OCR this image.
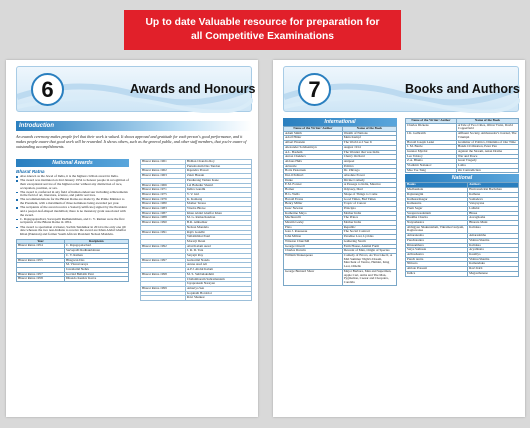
Up to date Valuable resource for preparation for
all Competitive Examinations
6	Awards and Honours
Introduction
An awards ceremony makes people feel that their work is valued. It shows approval and gratitude for each person's good performance, and it makes people aware that good work will be rewarded. It shows others, such as the general public, and other staff members, that you're aware of outstanding accomplishments.
National Awards
Bharat Ratna
Also known as the Jewel of India, it is the highest civilian award in India.
The award was instituted on 2nd January 1954 to honour people in recognition of their exceptional service of the highest order without any distinction of race, occupation, position, or sex.
The award is conferred in any field of human endeavour including achievements in the field of art, literature, science, and public services.
The recommendations for the Bharat Ratna are made by the Prime Minister to the President, with a maximum of three nominees being awarded per year.
The recipients of the award receive a Sanad (certificate) signed by the President and a peepal-leaf-shaped medallion; there is no monetary grant associated with the award.
C. Rajagopalachari, Sarvepalli Radhakrishnan, and C. V. Raman were the first recipients of the Bharat Ratna in 1954.
The award to sportsman cricketer, Sachin Tendulkar in 2014 is the only one till date whereas the two non-Indians to receive the award are Khan Abdul Ghaffar Khan (Pakistan) and former South African President Nelson Mandela.
Year	Recipients
Bharat Ratna 1954	C. Rajagopalachari
	Sarvepalli Radhakrishnan
	C. V. Raman
Bharat Ratna 1955	Bhagwan Das
	M. Visvesvaraya
	Jawaharlal Nehru
Bharat Ratna 1957	Govind Ballabh Pant
Bharat Ratna 1958	Dhondo Keshav Karve
Bharat Ratna 1961	Bidhan Chandra Roy
	Purushottam Das Tandon
Bharat Ratna 1962	Rajendra Prasad
Bharat Ratna 1963	Zakir Husain
	Pandurang Vaman Kane
Bharat Ratna 1966	Lal Bahadur Shastri
Bharat Ratna 1971	Indira Gandhi
Bharat Ratna 1975	V. V. Giri
Bharat Ratna 1976	K. Kamaraj
Bharat Ratna 1980	Mother Teresa
Bharat Ratna 1983	Vinoba Bhave
Bharat Ratna 1987	Khan Abdul Ghaffar Khan
Bharat Ratna 1988	M. G. Ramachandran
Bharat Ratna 1990	B.R. Ambedkar
	Nelson Mandela
Bharat Ratna 1991	Rajiv Gandhi
	Vallabhbhai Patel
	Morarji Desai
Bharat Ratna 1992	Abul Kalam Azad
	J. R. D. Tata
	Satyajit Ray
Bharat Ratna 1997	Gulzarilal Nanda
	Aruna Asaf Ali
	A.P.J. Abdul Kalam
Bharat Ratna 1998	M. S. Subbulakshmi
	Chidambaram Subramaniam
	Jayaprakash Narayan
Bharat Ratna 1999	Amartya Sen
	Gopinath Bordoloi
	Ravi Shankar
7	Books and Authors
International
Name of the Writer/ Author	Name of the Book
Adam Smith	Wealth of Nations
Adolf Hitler	Mein Kampf
Albert Einstein	The World as I See It
Alexander Solzhenitsyn	August 1914
A.L. Basham	The Wonder that was India
Anton Chekhov	Cherry Orchard
Aldous Hulx	Antpoet
Aristotle	Politics
Boris Pasternak	Dr. Zhivago
Dai-il Pehlavi	Absolute Power
Dante	Divine Comedy
E.M. Forster	A Passage to India, Maurice
Homer	Odyssey, Iliad
H.G. Wells	Shape of Things to Come
Harold Evans	Good Times, Bad Times
Henry Miller	Tropic of Cancer
Isaac Newton	Principia
Katherine Mayo	Mother India
Machiavelli	The Prince
Maxim Gorky	Mother India
Plato	Republic
Jean J. Rousseau	The Social Contract
John Milton	Paradise Lost, Lycidas
Winston Churchill	Gathering Storm
George Orwell	Farm House, Animal Farm
Charles Darwin	Descent of Man, Origin of Species
William Shakespeare	Comedy of Errors, As You Like It, A Mid Summer Night's Dream, Merchant of Venice, Hamlet, King Lear, Othello
George Bernard Shaw	Major Barbara, Man and Superman, Apple Cart, Arms and The Man, Pygmalion, Caesar and Cleopatra, Candida
Name of the Writer/ Author	Name of the Book
Charles Dickens	A Tale of Two Cities, Oliver Twist, David Copperfield
J.K. Galbraith	Affluent Society, Ambassador's Journal, The Triumph
Harold Joseph Laski	Grammar of Politics, Dilemma of Our Time
J. M. Barrie	Hands Civilization, Peter Pan
Gunnar Myrdal	Against the Stream, Asian Drama
Leo Tolstoy	War and Peace
Z.A. Bhutto	Great Tragedy
Vladimir Nabakov	Lolita
Mao Tse Tung	On Contradiction
National
Books	Authors
Madhushala	Harivansh Rai Bachchan
Rajtarangini	Kalhana
Kathasaritsagar	Somadeva
Kamasutra	Vatsyayana
Prem Sagar	Lallulal
Swapnavasdattam	Bhasa
Buddha Charita	Asvaghosha
Natyashastra	Bharata Muni
Abhigyan Shakuntalam, Vikramorvasiyam, Raghuvansa	Kalidasa
Amarakosha	Amarasimha
Panchatantra	Vishnu Sharma
Ritusamhara	Kalidasa
Satya Sathasia	Aryabhatta
Arthashastra	Kautilya
Panch tantra	Vishnu Sharma
Nitisara	Kamandaka
Ahlole Prasasti	Ravi Kirti
Indica	Megasthanese
